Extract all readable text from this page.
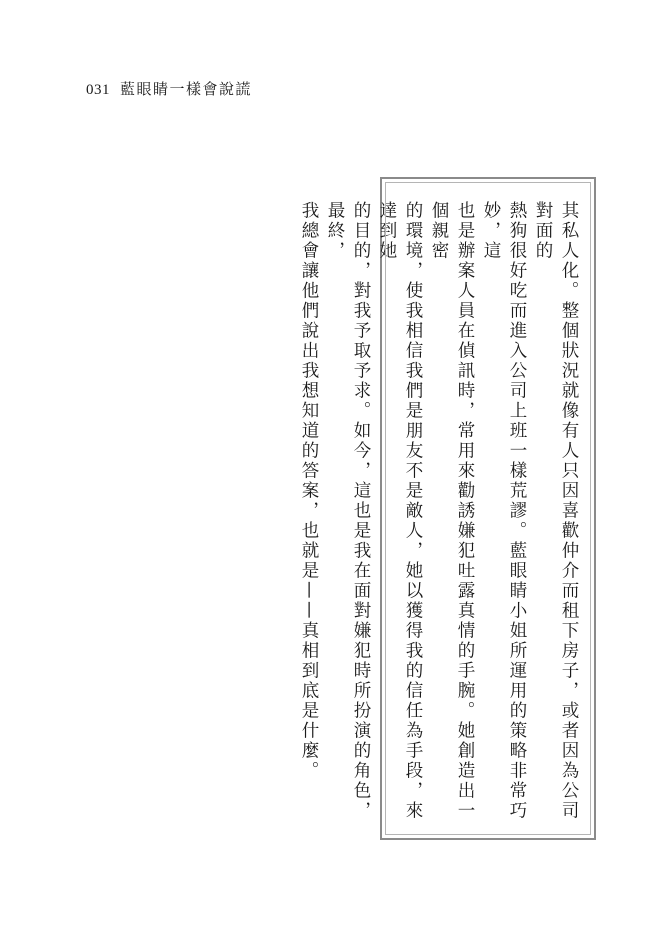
031 藍眼睛一樣會說謊
其私人化。整個狀況就像有人只因喜歡仲介而租下房子，或者因為公司對面的
熱狗很好吃而進入公司上班一樣荒謬。藍眼睛小姐所運用的策略非常巧妙，這
也是辦案人員在偵訊時，常用來勸誘嫌犯吐露真情的手腕。她創造出一個親密
的環境，使我相信我們是朋友不是敵人，她以獲得我的信任為手段，來達到她
的目的，對我予取予求。如今，這也是我在面對嫌犯時所扮演的角色，最終，
我總會讓他們說出我想知道的答案，也就是——真相到底是什麼。
